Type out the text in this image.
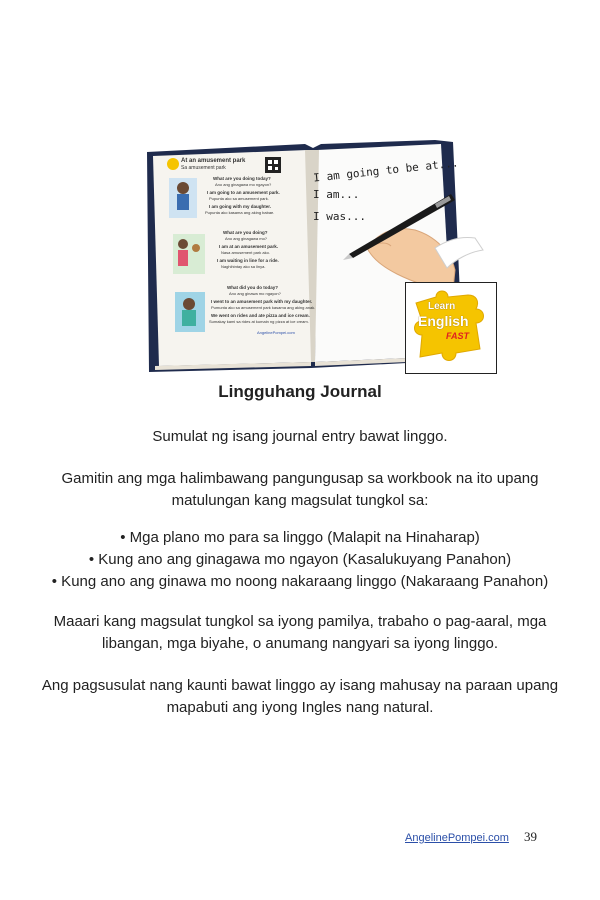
At an amusement park
Sa amusement park
What are you doing today?
Ano ang ginagawa mo ngayon?
I am going to an amusement park.
Pupunta ako sa amusement park.
I am going with my daughter.
Pupunta ako kasama ang aking babae.
What are you doing?
Ano ang ginagawa mo?
I am at an amusement park.
Nasa amusement park ako.
I am waiting in line for a ride.
Naghihintay ako sa linya.
What did you do today?
Ano ang ginawa mo ngayon?
I went to an amusement park with my daughter.
Pumunta ako sa amusement park kasama ang aking anak.
We went on rides and ate pizza and ice cream.
Sumakay kami sa rides at kumain ng pizza at ice cream.
AngelinePompei.com
I am going to be at...
I am...
I was...
Learn
English
FAST
Lingguhang Journal
Sumulat ng isang journal entry bawat linggo.
Gamitin ang mga halimbawang pangungusap sa workbook na ito upang
matulungan kang magsulat tungkol sa:
• Mga plano mo para sa linggo (Malapit na Hinaharap)
• Kung ano ang ginagawa mo ngayon (Kasalukuyang Panahon)
• Kung ano ang ginawa mo noong nakaraang linggo (Nakaraang Panahon)
Maaari kang magsulat tungkol sa iyong pamilya, trabaho o pag-aaral, mga
libangan, mga biyahe, o anumang nangyari sa iyong linggo.
Ang pagsusulat nang kaunti bawat linggo ay isang mahusay na paraan upang
mapabuti ang iyong Ingles nang natural.
AngelinePompei.com 39
